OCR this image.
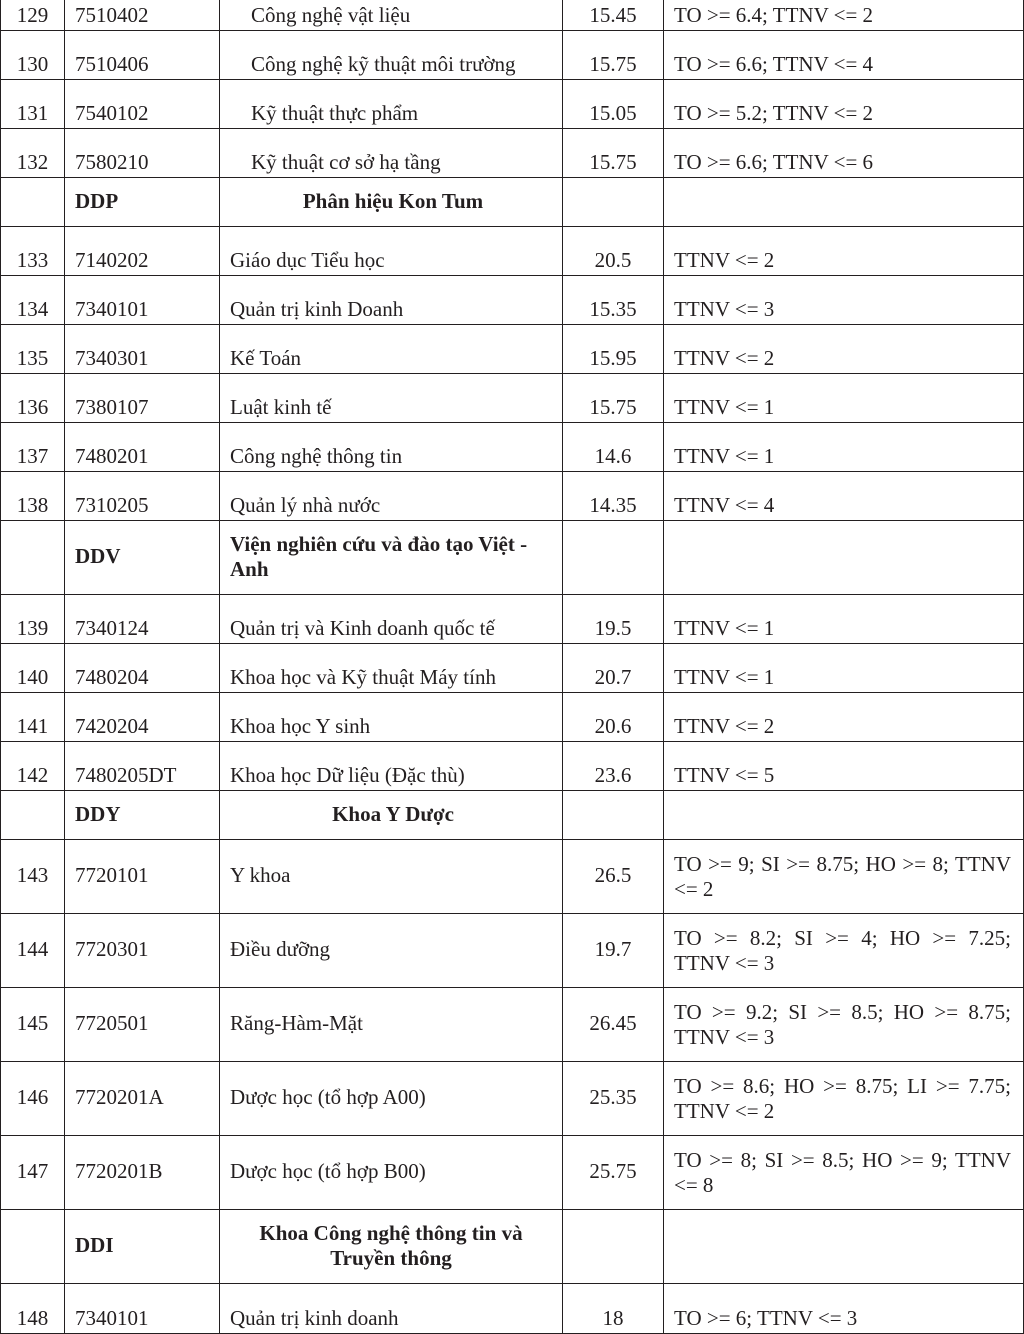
129	7510402	Công nghệ vật liệu	15.45	TO >= 6.4; TTNV <= 2
130	7510406	Công nghệ kỹ thuật môi trường	15.75	TO >= 6.6; TTNV <= 4
131	7540102	Kỹ thuật thực phẩm	15.05	TO >= 5.2; TTNV <= 2
132	7580210	Kỹ thuật cơ sở hạ tầng	15.75	TO >= 6.6; TTNV <= 6
	DDP	Phân hiệu Kon Tum		
133	7140202	Giáo dục Tiểu học	20.5	TTNV <= 2
134	7340101	Quản trị kinh Doanh	15.35	TTNV <= 3
135	7340301	Kế Toán	15.95	TTNV <= 2
136	7380107	Luật kinh tế	15.75	TTNV <= 1
137	7480201	Công nghệ thông tin	14.6	TTNV <= 1
138	7310205	Quản lý nhà nước	14.35	TTNV <= 4
	DDV	Viện nghiên cứu và đào tạo Việt - Anh		
139	7340124	Quản trị và Kinh doanh quốc tế	19.5	TTNV <= 1
140	7480204	Khoa học và Kỹ thuật Máy tính	20.7	TTNV <= 1
141	7420204	Khoa học Y sinh	20.6	TTNV <= 2
142	7480205DT	Khoa học Dữ liệu (Đặc thù)	23.6	TTNV <= 5
	DDY	Khoa Y Dược		
143	7720101	Y khoa	26.5	TO >= 9; SI >= 8.75; HO >= 8; TTNV <= 2
144	7720301	Điều dưỡng	19.7	TO >= 8.2; SI >= 4; HO >= 7.25; TTNV <= 3
145	7720501	Răng-Hàm-Mặt	26.45	TO >= 9.2; SI >= 8.5; HO >= 8.75; TTNV <= 3
146	7720201A	Dược học (tổ hợp A00)	25.35	TO >= 8.6; HO >= 8.75; LI >= 7.75; TTNV <= 2
147	7720201B	Dược học (tổ hợp B00)	25.75	TO >= 8; SI >= 8.5; HO >= 9; TTNV <= 8
	DDI	Khoa Công nghệ thông tin và Truyền thông		
148	7340101	Quản trị kinh doanh	18	TO >= 6; TTNV <= 3
